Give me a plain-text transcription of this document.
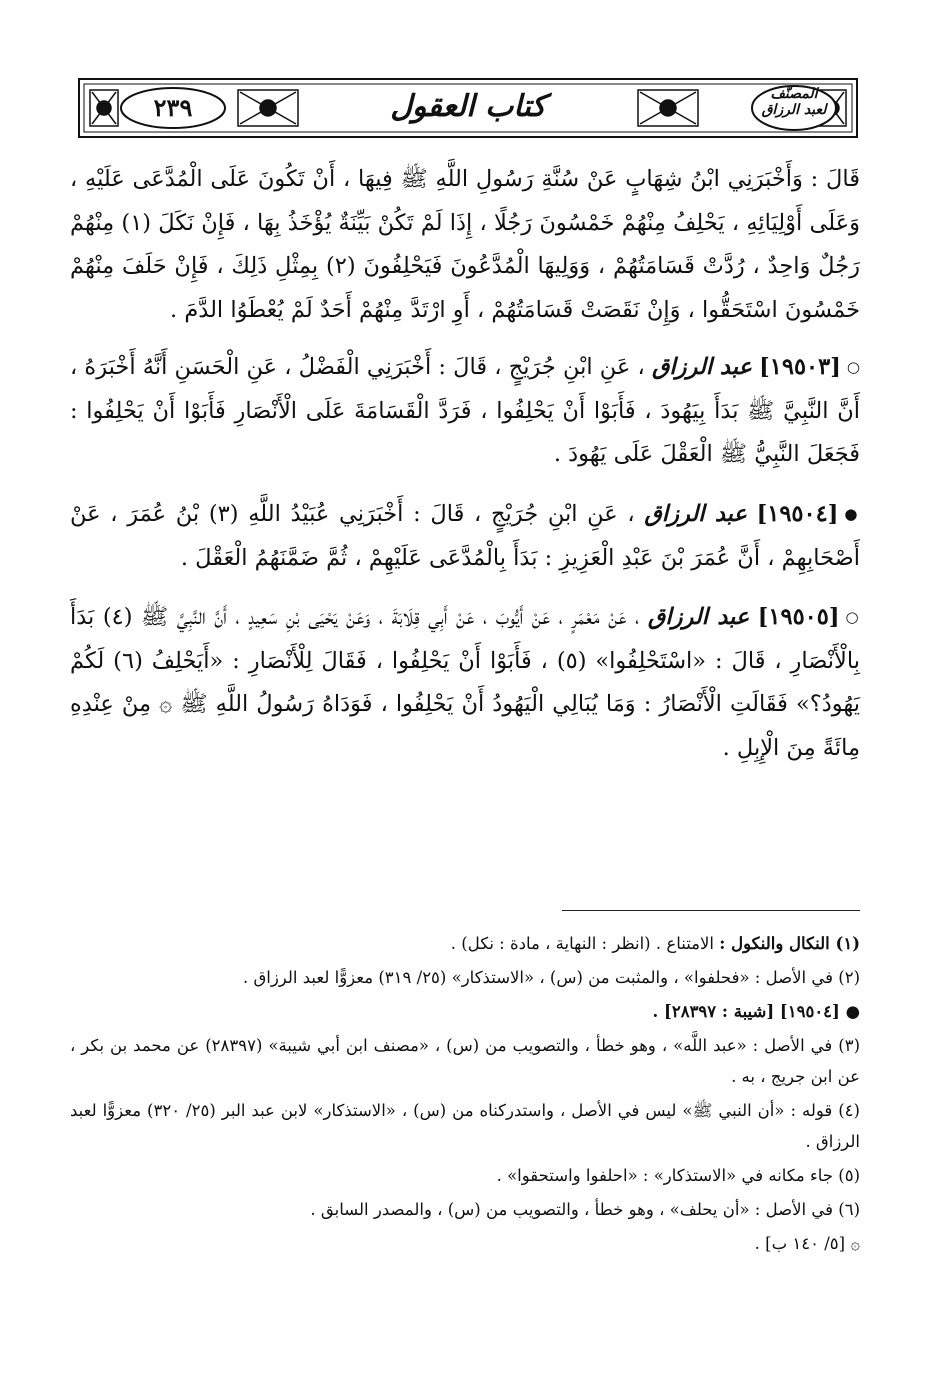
٢٣٩	كتاب العقول	المصنّف
لعبد الرزاق

قَالَ : وَأَخْبَرَنِي ابْنُ شِهَابٍ عَنْ سُنَّةِ رَسُولِ اللَّهِ ﷺ فِيهَا ، أَنْ تَكُونَ عَلَى الْمُدَّعَى عَلَيْهِ ، وَعَلَى أَوْلِيَائِهِ ، يَحْلِفُ مِنْهُمْ خَمْسُونَ رَجُلًا ، إِذَا لَمْ تَكُنْ بَيِّنَةٌ يُؤْخَذُ بِهَا ، فَإِنْ نَكَلَ (١) مِنْهُمْ رَجُلٌ وَاحِدٌ ، رُدَّتْ قَسَامَتُهُمْ ، وَوَلِيهَا الْمُدَّعُونَ فَيَحْلِفُونَ (٢) بِمِثْلِ ذَلِكَ ، فَإِنْ حَلَفَ مِنْهُمْ خَمْسُونَ اسْتَحَقُّوا ، وَإِنْ نَقَصَتْ قَسَامَتُهُمْ ، أَوِ ارْتَدَّ مِنْهُمْ أَحَدٌ لَمْ يُعْطَوُا الدَّمَ .

○[١٩٥٠٣] عبد الرزاق ، عَنِ ابْنِ جُرَيْجٍ ، قَالَ : أَخْبَرَنِي الْفَضْلُ ، عَنِ الْحَسَنِ أَنَّهُ أَخْبَرَهُ ، أَنَّ النَّبِيَّ ﷺ بَدَأَ بِيَهُودَ ، فَأَبَوْا أَنْ يَحْلِفُوا ، فَرَدَّ الْقَسَامَةَ عَلَى الْأَنْصَارِ فَأَبَوْا أَنْ يَحْلِفُوا : فَجَعَلَ النَّبِيُّ ﷺ الْعَقْلَ عَلَى يَهُودَ .

●[١٩٥٠٤] عبد الرزاق ، عَنِ ابْنِ جُرَيْجٍ ، قَالَ : أَخْبَرَنِي عُبَيْدُ اللَّهِ (٣) بْنُ عُمَرَ ، عَنْ أَصْحَابِهِمْ ، أَنَّ عُمَرَ بْنَ عَبْدِ الْعَزِيزِ : بَدَأَ بِالْمُدَّعَى عَلَيْهِمْ ، ثُمَّ ضَمَّنَهُمُ الْعَقْلَ .

○[١٩٥٠٥] عبد الرزاق ، عَنْ مَعْمَرٍ ، عَنْ أَيُّوبَ ، عَنْ أَبِي قِلَابَةَ ، وَعَنْ يَحْيَى بْنِ سَعِيدٍ ، أَنَّ النَّبِيَّ ﷺ (٤) بَدَأَ بِالْأَنْصَارِ ، قَالَ : «اسْتَحْلِفُوا» (٥) ، فَأَبَوْا أَنْ يَحْلِفُوا ، فَقَالَ لِلْأَنْصَارِ : «أَيَحْلِفُ (٦) لَكُمْ يَهُودُ؟» فَقَالَتِ الْأَنْصَارُ : وَمَا يُبَالِي الْيَهُودُ أَنْ يَحْلِفُوا ، فَوَدَاهُ رَسُولُ اللَّهِ ﷺ ۞ مِنْ عِنْدِهِ مِائَةً مِنَ الْإِبِلِ .

(١) النكال والنكول : الامتناع . (انظر : النهاية ، مادة : نكل) .

(٢) في الأصل : «فحلفوا» ، والمثبت من (س) ، «الاستذكار» (٢٥/ ٣١٩) معزوًّا لعبد الرزاق .

● [١٩٥٠٤] [شيبة : ٢٨٣٩٧] .

(٣) في الأصل : «عبد اللَّه» ، وهو خطأ ، والتصويب من (س) ، «مصنف ابن أبي شيبة» (٢٨٣٩٧) عن محمد بن بكر ، عن ابن جريج ، به .

(٤) قوله : «أن النبي ﷺ» ليس في الأصل ، واستدركناه من (س) ، «الاستذكار» لابن عبد البر (٢٥/ ٣٢٠) معزوًّا لعبد الرزاق .

(٥) جاء مكانه في «الاستذكار» : «احلفوا واستحقوا» .

(٦) في الأصل : «أن يحلف» ، وهو خطأ ، والتصويب من (س) ، والمصدر السابق .

۞ [٥/ ١٤٠ ب] .
